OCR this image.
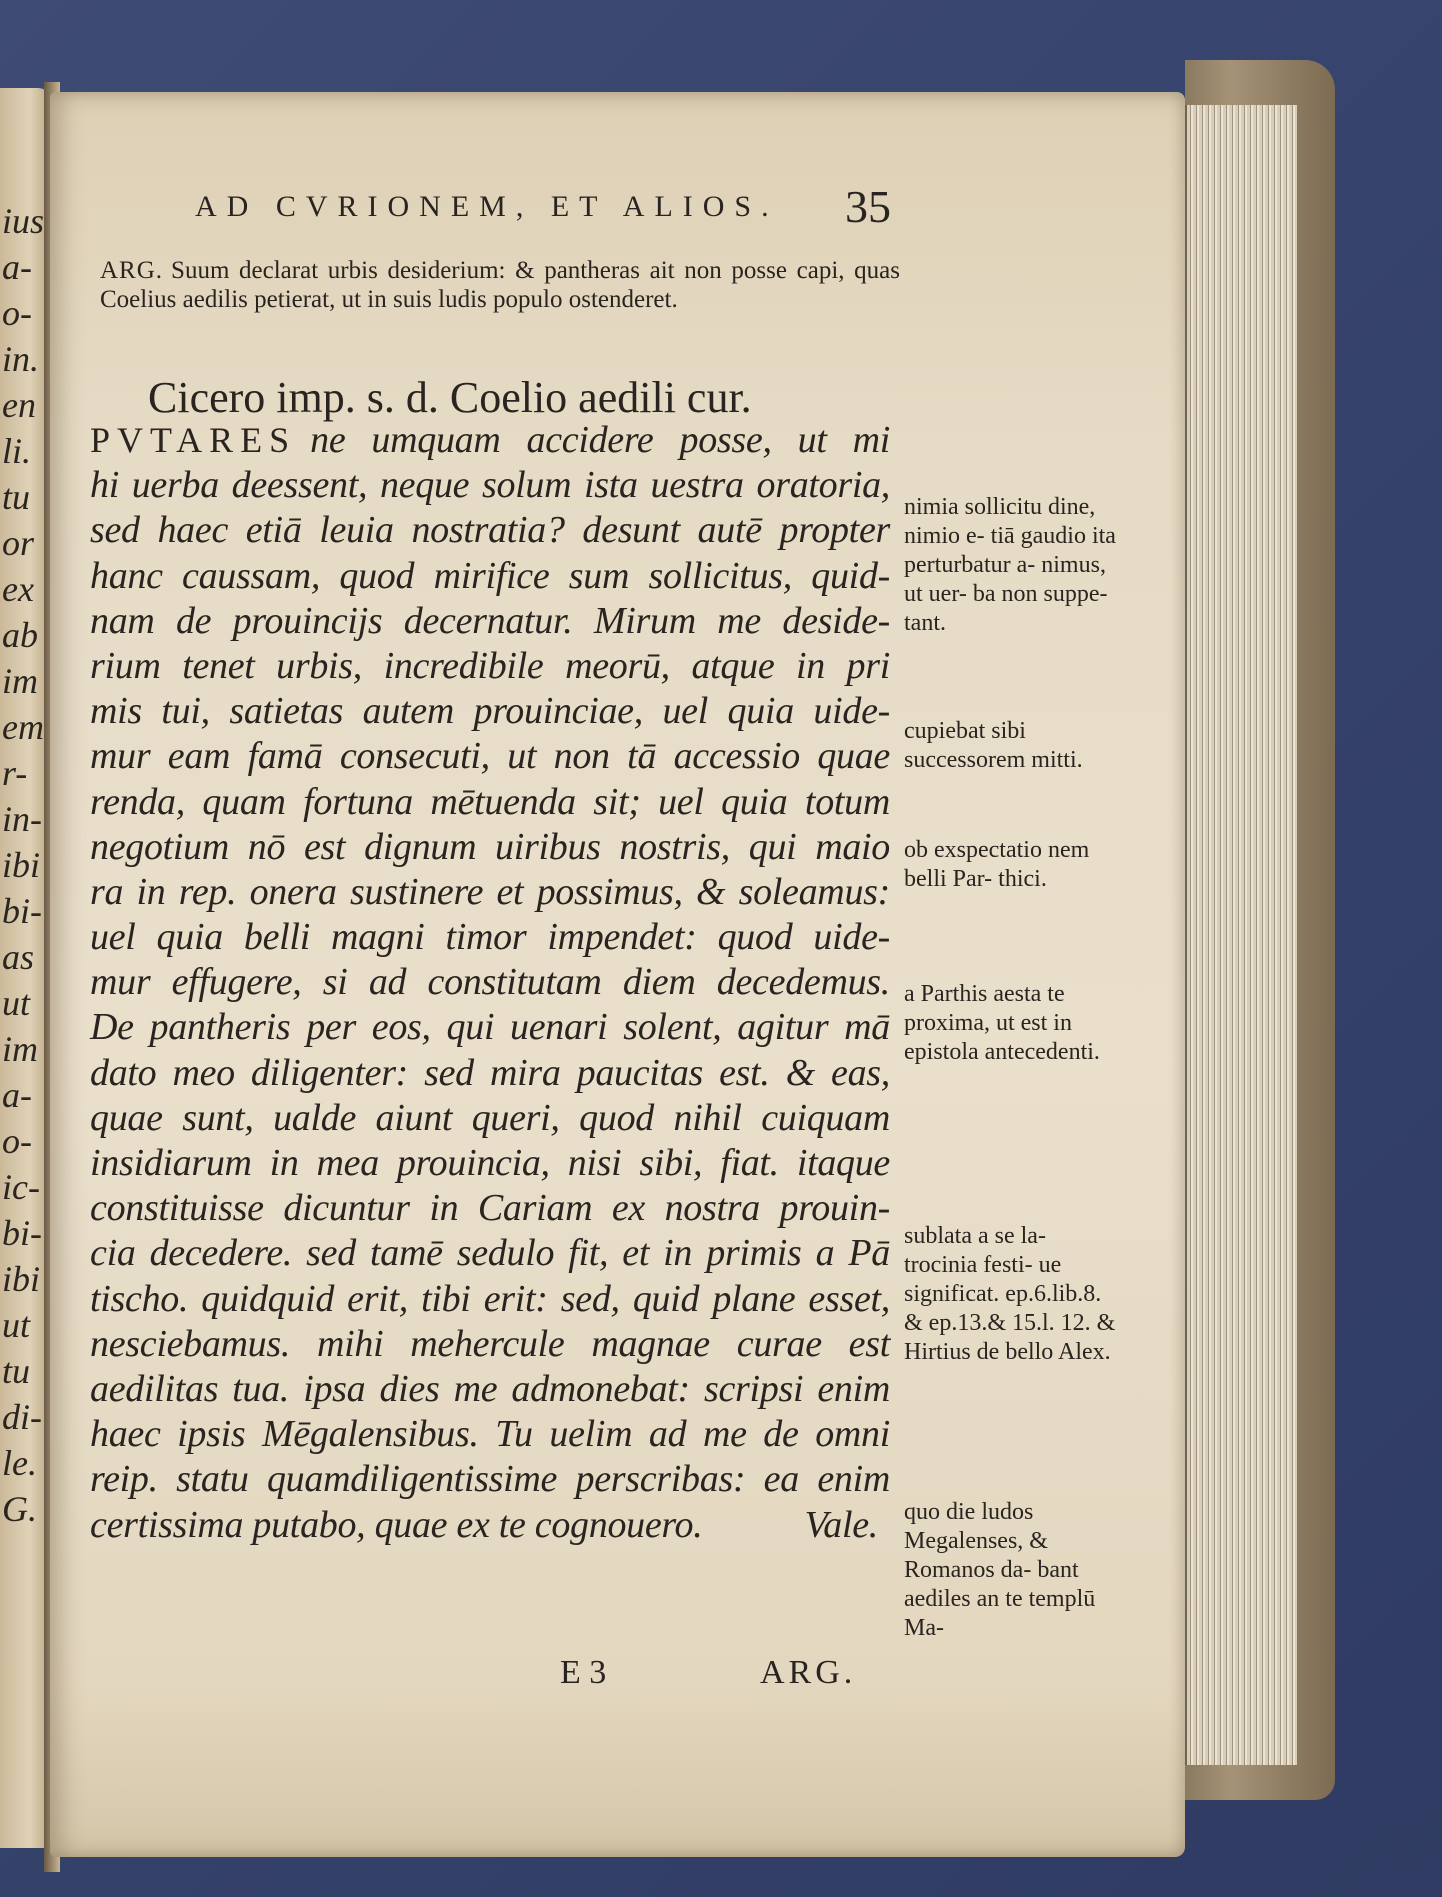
ius
a-
o-
in.
en
li.
tu
or
ex
ab
im
em
r-
in-
ibi
bi-
as
ut
im
a-
o-
ic-
bi-
ibi
ut
tu
di-
le.
G.
AD CVRIONEM, ET ALIOS. 35
ARG. Suum declarat urbis desiderium: & pantheras ait non posse capi, quas Coelius aedilis petierat, ut in suis ludis populo ostenderet.
Cicero imp. s. d. Coelio aedili cur.
PVTARES ne umquam accidere posse, ut mi
hi uerba deessent, neque solum ista uestra oratoria,
sed haec etiā leuia nostratia? desunt autē propter
hanc caussam, quod mirifice sum sollicitus, quid-
nam de prouincijs decernatur. Mirum me deside-
rium tenet urbis, incredibile meorū, atque in pri
mis tui, satietas autem prouinciae, uel quia uide-
mur eam famā consecuti, ut non tā accessio quae
renda, quam fortuna mētuenda sit; uel quia totum
negotium nō est dignum uiribus nostris, qui maio
ra in rep. onera sustinere et possimus, & soleamus:
uel quia belli magni timor impendet: quod uide-
mur effugere, si ad constitutam diem decedemus.
De pantheris per eos, qui uenari solent, agitur mā
dato meo diligenter: sed mira paucitas est. & eas,
quae sunt, ualde aiunt queri, quod nihil cuiquam
insidiarum in mea prouincia, nisi sibi, fiat. itaque
constituisse dicuntur in Cariam ex nostra prouin-
cia decedere. sed tamē sedulo fit, et in primis a Pā
tischo. quidquid erit, tibi erit: sed, quid plane esset,
nesciebamus. mihi mehercule magnae curae est
aedilitas tua. ipsa dies me admonebat: scripsi enim
haec ipsis Mēgalensibus. Tu uelim ad me de omni
reip. statu quamdiligentissime perscribas: ea enim
certissima putabo, quae ex te cognouero.	Vale.
E 3	ARG.
nimia sollicitu dine, nimio e- tiā gaudio ita perturbatur a- nimus, ut uer- ba non suppe- tant.
cupiebat sibi successorem mitti.
ob exspectatio nem belli Par- thici.
a Parthis aesta te proxima, ut est in epistola antecedenti.
sublata a se la- trocinia festi- ue significat. ep.6.lib.8. & ep.13.& 15.l. 12. & Hirtius de bello Alex.
quo die ludos Megalenses, & Romanos da- bant aediles an te templū Ma-
